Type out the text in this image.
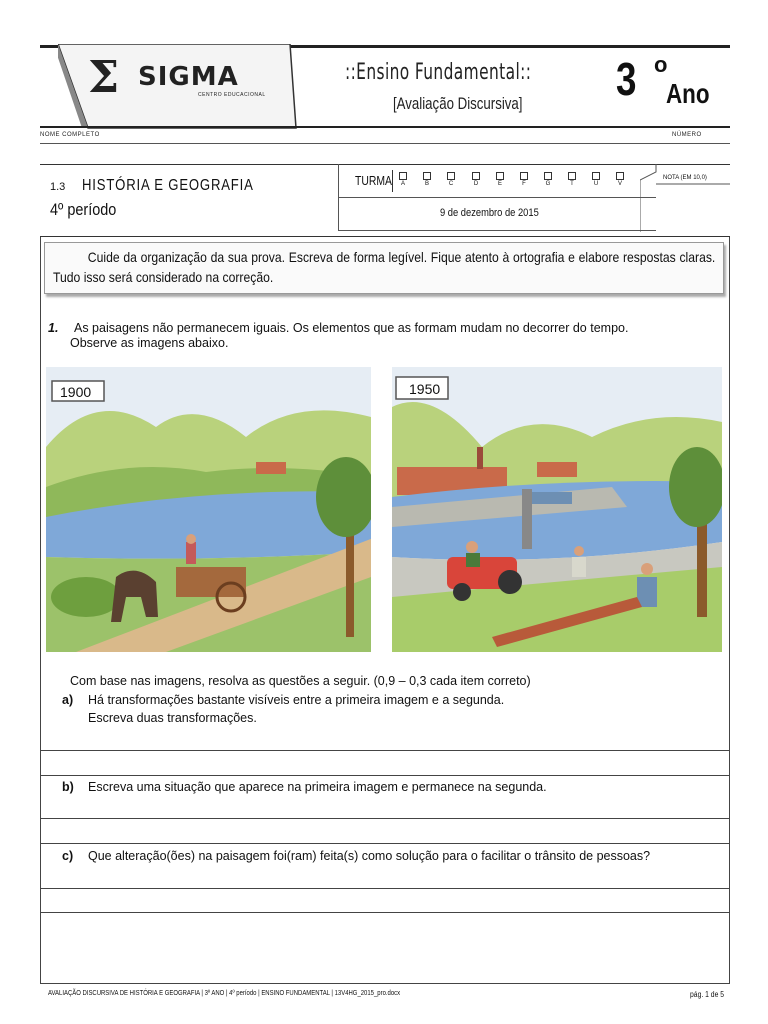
Σ SIGMA
CENTRO EDUCACIONAL
::Ensino Fundamental::
[Avaliação Discursiva] 3 o
Ano
NOME COMPLETO	NÚMERO
1.3 HISTÓRIA E GEOGRAFIA
4º período
TURMA	A	B	C	D	E	F	G	T	U	V
9 de dezembro de 2015
NOTA (EM 10,0)
Cuide da organização da sua prova. Escreva de forma legível. Fique atento à ortografia e elabore respostas claras. Tudo isso será considerado na correção.
1. As paisagens não permanecem iguais. Os elementos que as formam mudam no decorrer do tempo.
Observe as imagens abaixo.
1900	1950
Com base nas imagens, resolva as questões a seguir. (0,9 – 0,3 cada item correto)
a) Há transformações bastante visíveis entre a primeira imagem e a segunda.
Escreva duas transformações.
b) Escreva uma situação que aparece na primeira imagem e permanece na segunda.
c) Que alteração(ões) na paisagem foi(ram) feita(s) como solução para o facilitar o trânsito de pessoas?
AVALIAÇÃO DISCURSIVA DE HISTÓRIA E GEOGRAFIA | 3º ANO | 4º período | ENSINO FUNDAMENTAL | 13V4HG_2015_pro.docx	pág. 1 de 5
